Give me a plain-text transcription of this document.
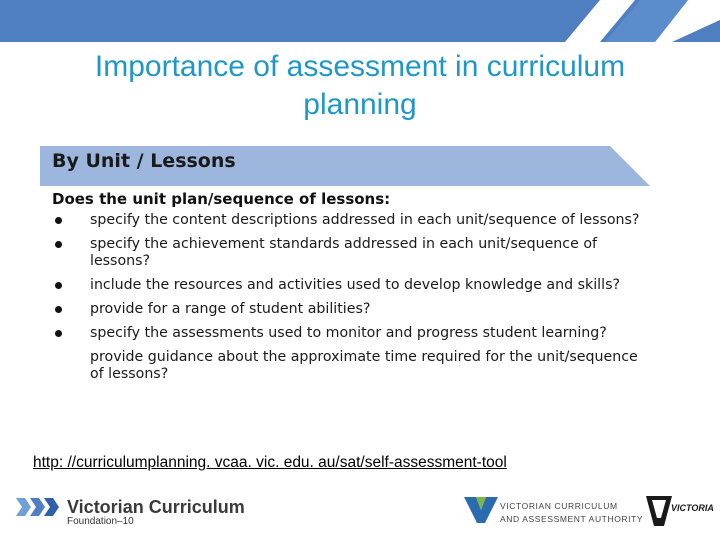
Importance of assessment in curriculum planning
By Unit / Lessons
Does the unit plan/sequence of lessons:
specify the content descriptions addressed in each unit/sequence of lessons?
specify the achievement standards addressed in each unit/sequence of lessons?
include the resources and activities used to develop knowledge and skills?
provide for a range of student abilities?
specify the assessments used to monitor and progress student learning?
provide guidance about the approximate time required for the unit/sequence of lessons?
http: //curriculumplanning. vcaa. vic. edu. au/sat/self-assessment-tool
Victorian Curriculum
Foundation–10
VICTORIAN CURRICULUM
AND ASSESSMENT AUTHORITY
VICTORIA
